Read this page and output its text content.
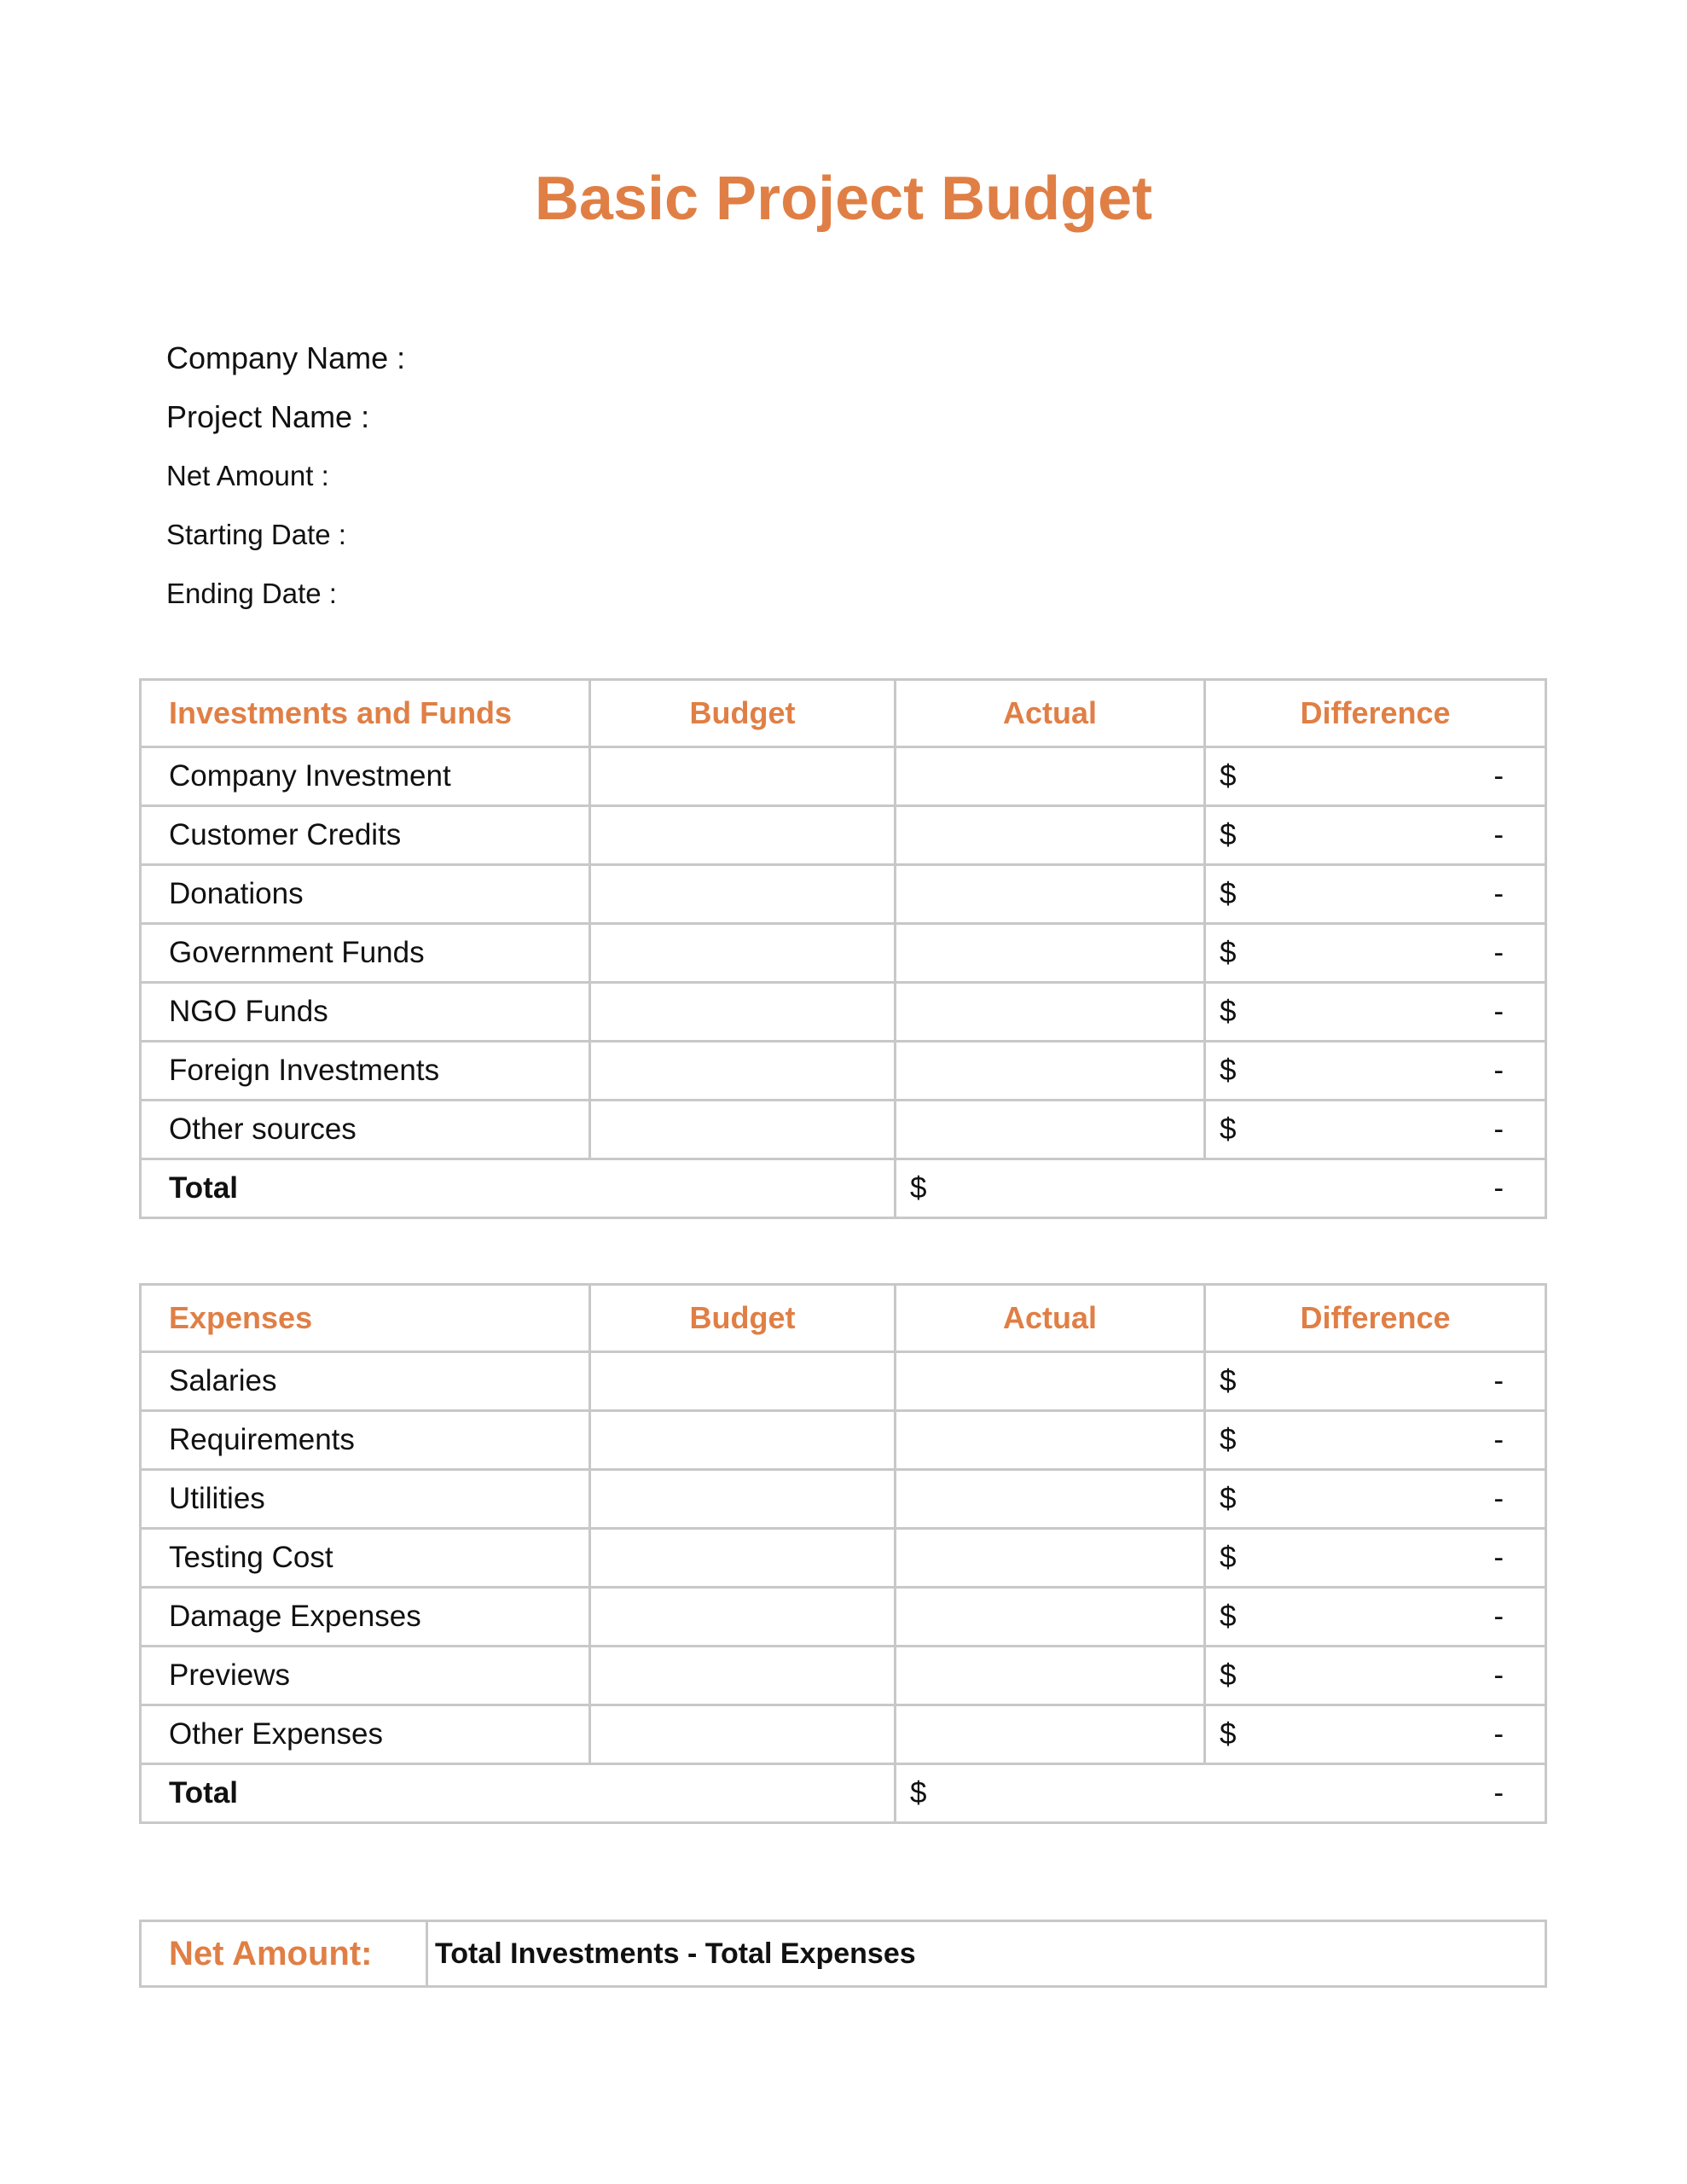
Basic Project Budget
Company Name :
Project Name :
Net Amount :
Starting Date :
Ending Date :
Investments and Funds	Budget	Actual	Difference
Company Investment			$ -

Customer Credits			$ -

Donations			$ -

Government Funds			$ -

NGO Funds			$ -

Foreign Investments			$ -

Other sources			$ -

Total		$ -	
Expenses	Budget	Actual	Difference
Salaries			$ -

Requirements			$ -

Utilities			$ -

Testing Cost			$ -

Damage Expenses			$ -

Previews			$ -

Other Expenses			$ -

Total		$ -	
Net Amount:	Total Investments - Total Expenses
